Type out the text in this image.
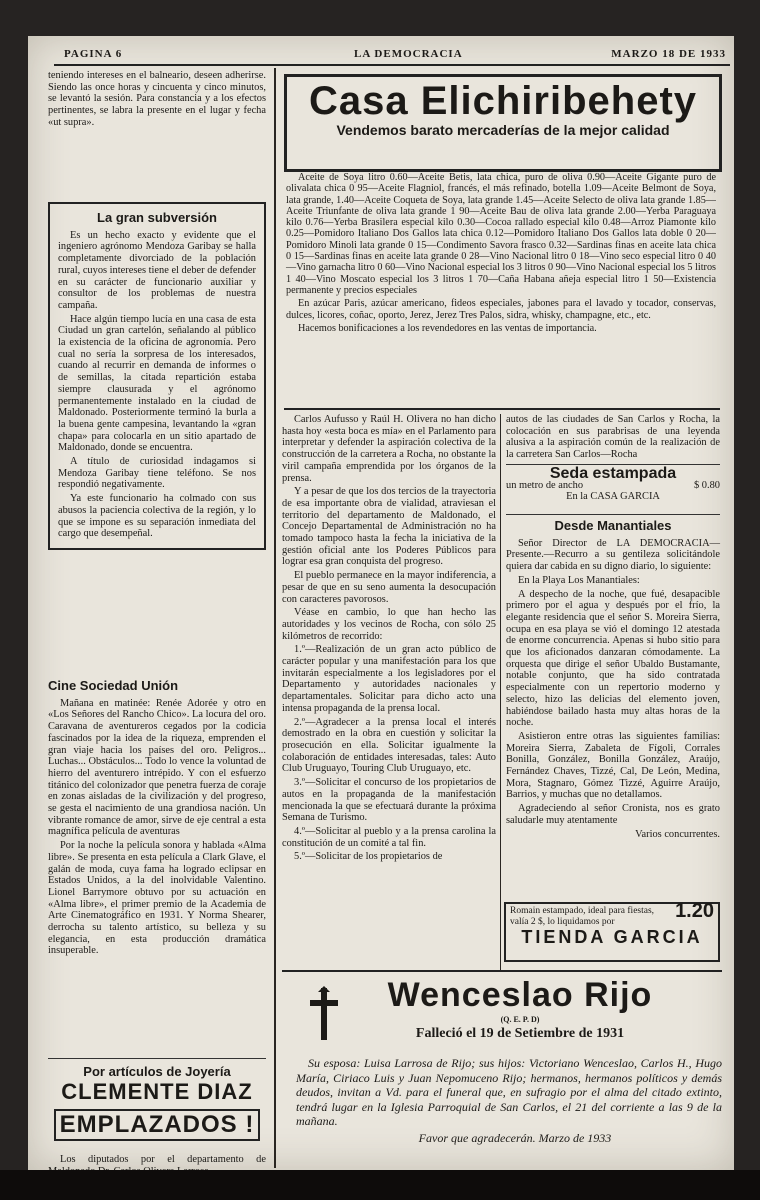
PAGINA 6	LA DEMOCRACIA	MARZO 18 DE 1933

teniendo intereses en el balneario, deseen adherirse. Siendo las once horas y cincuenta y cinco minutos, se levantó la sesión. Para constancia y a los efectos pertinentes, se labra la presente en el lugar y fecha «ut supra».

La gran subversión

Es un hecho exacto y evidente que el ingeniero agrónomo Mendoza Garibay se halla completamente divorciado de la población rural, cuyos intereses tiene el deber de defender en su carácter de funcionario auxiliar y consultor de los problemas de nuestra campaña.

Hace algún tiempo lucía en una casa de esta Ciudad un gran cartelón, señalando al público la existencia de la oficina de agronomía. Pero cual no sería la sorpresa de los interesados, cuando al recurrir en demanda de informes o de semillas, la citada repartición estaba siempre clausurada y el agrónomo permanentemente instalado en la ciudad de Maldonado. Posteriormente terminó la burla a la buena gente campesina, levantando la «gran chapa» para colocarla en un sitio apartado de Maldonado, donde se encuentra.

A título de curiosidad indagamos si Mendoza Garibay tiene teléfono. Se nos respondió negativamente.

Ya este funcionario ha colmado con sus abusos la paciencia colectiva de la región, y lo que se impone es su separación inmediata del cargo que desempeñal.

Cine Sociedad Unión

Mañana en matinée: Renée Adorée y otro en «Los Señores del Rancho Chico». La locura del oro. Caravana de aventureros cegados por la codicia fascinados por la idea de la riqueza, emprenden el gran viaje hacia los países del oro. Peligros... Luchas... Obstáculos... Todo lo vence la voluntad de hierro del aventurero intrépido. Y con el esfuerzo titánico del colonizador que penetra fuerza de coraje en zonas aisladas de la civilización y del progreso, se gesta el nacimiento de una grandiosa nación. Un vibrante romance de amor, sirve de eje central a esta magnífica película de aventuras

Por la noche la película sonora y hablada «Alma libre». Se presenta en esta película a Clark Glave, el galán de moda, cuya fama ha logrado eclipsar en Estados Unidos, a la del inolvidable Valentino. Lionel Barrymore obtuvo por su actuación en «Alma libre», el primer premio de la Academia de Arte Cinematográfico en 1931. Y Norma Shearer, derrocha su talento artístico, su belleza y su elegancia, en esta producción dramática insuperable.

Por artículos de Joyería
CLEMENTE DIAZ
EMPLAZADOS !

Los diputados por el departamento de

Casa Elichiribehety
Vendemos barato mercaderías de la mejor calidad

Aceite de Soya litro 0.60—Aceite Betis, lata chica, puro de oliva 0.90—Aceite Gigante puro de olivalata chica 0 95—Aceite Flagniol, francés, el más refinado, botella 1.09—Aceite Belmont de Soya, lata grande, 1.40—Aceite Coqueta de Soya, lata grande 1.45—Aceite Selecto de oliva lata grande 1.85—Aceite Triunfante de oliva lata grande 1 90—Aceite Bau de oliva lata grande 2.00—Yerba Paraguaya kilo 0.76—Yerba Brasilera especial kilo 0.30—Cocoa rallado especial kilo 0.48—Arroz Piamonte kilo 0.25—Pomidoro Italiano Dos Gallos lata chica 0.12—Pomidoro Italiano Dos Gallos lata doble 0 20—Pomidoro Minoli lata grande 0 15—Condimento Savora frasco 0.32—Sardinas finas en aceite lata chica 0 15—Sardinas finas en aceite lata grande 0 28—Vino Nacional litro 0 18—Vino seco especial litro 0 40—Vino garnacha litro 0 60—Vino Nacional especial los 3 litros 0 90—Vino Nacional especial los 5 litros 1 40—Vino Moscato especial los 3 litros 1 70—Caña Habana añeja especial litro 1 50—Existencia permanente y precios especiales

En azúcar Paris, azúcar americano, fideos especiales, jabones para el lavado y tocador, conservas, dulces, licores, coñac, oporto, Jerez, Jerez Tres Palos, sidra, whisky, champagne, etc., etc.

Hacemos bonificaciones a los revendedores en las ventas de importancia.

Carlos Aufusso y Raúl H. Olivera no han dicho hasta hoy «esta boca es mía» en el Parlamento para interpretar y defender la aspiración colectiva de la construcción de la carretera a Rocha, no obstante la viril campaña emprendida por los órganos de la prensa.

Y a pesar de que los dos tercios de la trayectoria de esa importante obra de vialidad, atraviesan el territorio del departamento de Maldonado, el Concejo Departamental de Administración no ha tomado tampoco hasta la fecha la iniciativa de la gestión oficial ante los Poderes Públicos para lograr esa gran conquista del progreso.

El pueblo permanece en la mayor indiferencia, a pesar de que en su seno aumenta la desocupación con caracteres pavorosos.

Véase en cambio, lo que han hecho las autoridades y los vecinos de Rocha, con sólo 25 kilómetros de recorrido:

1.º—Realización de un gran acto público de carácter popular y una manifestación para los que invitarán especialmente a los legisladores por el Departamento y autoridades nacionales y departamentales. Solicitar para dicho acto una intensa propaganda de la prensa local.

2.º—Agradecer a la prensa local el interés demostrado en la obra en cuestión y solicitar la prosecución en ella. Solicitar igualmente la colaboración de entidades interesadas, tales: Auto Club Uruguayo, Touring Club Uruguayo, etc.

3.º—Solicitar el concurso de los propietarios de autos en la propaganda de la manifestación mencionada la que se efectuará durante la próxima Semana de Turismo.

4.º—Solicitar al pueblo y a la prensa carolina la constitución de un comité a tal fin.

5.º—Solicitar de los propietarios de

autos de las ciudades de San Carlos y Rocha, la colocación en sus parabrisas de una leyenda alusiva a la aspiración común de la realización de la carretera San Carlos—Rocha

Seda estampada
un metro de ancho	$ 0.80
En la CASA GARCIA
Desde Manantiales

Señor Director de LA DEMOCRACIA—Presente.—Recurro a su gentileza solicitándole quiera dar cabida en su digno diario, lo siguiente:

En la Playa Los Manantiales:

A despecho de la noche, que fué, desapacible primero por el agua y después por el frío, la elegante residencia que el señor S. Moreira Sierra, ocupa en esa playa se vió el domingo 12 atestada de enorme concurrencia. Apenas si hubo sitio para que los aficionados danzaran cómodamente. La orquesta que dirige el señor Ubaldo Bustamante, notable conjunto, que ha sido contratada especialmente con un repertorio moderno y selecto, hizo las delicias del elemento joven, habiéndose bailado hasta muy altas horas de la noche.

Asistieron entre otras las siguientes familias: Moreira Sierra, Zabaleta de Fígoli, Corrales Bonilla, González, Bonilla González, Araújo, Fernández Chaves, Tizzé, Cal, De León, Medina, Mora, Stagnaro, Gómez Tizzé, Aguirre Araújo, Barrios, y muchas que no detallamos.

Agradeciendo al señor Cronista, nos es grato saludarle muy atentamente

Varios concurrentes.

Romain estampado, ideal para fiestas, valía 2 $, lo liquidamos por	1.20
TIENDA GARCIA
Wenceslao Rijo
(Q. E. P. D)
Falleció el 19 de Setiembre de 1931

Su esposa: Luisa Larrosa de Rijo; sus hijos: Victoriano Wenceslao, Carlos H., Hugo María, Ciriaco Luis y Juan Nepomuceno Rijo; hermanos, hermanos políticos y demás deudos, invitan a Vd. para el funeral que, en sufragio por el alma del citado extinto, tendrá lugar en la Iglesia Parroquial de San Carlos, el 21 del corriente a las 9 de la mañana.

Favor que agradecerán. Marzo de 1933
